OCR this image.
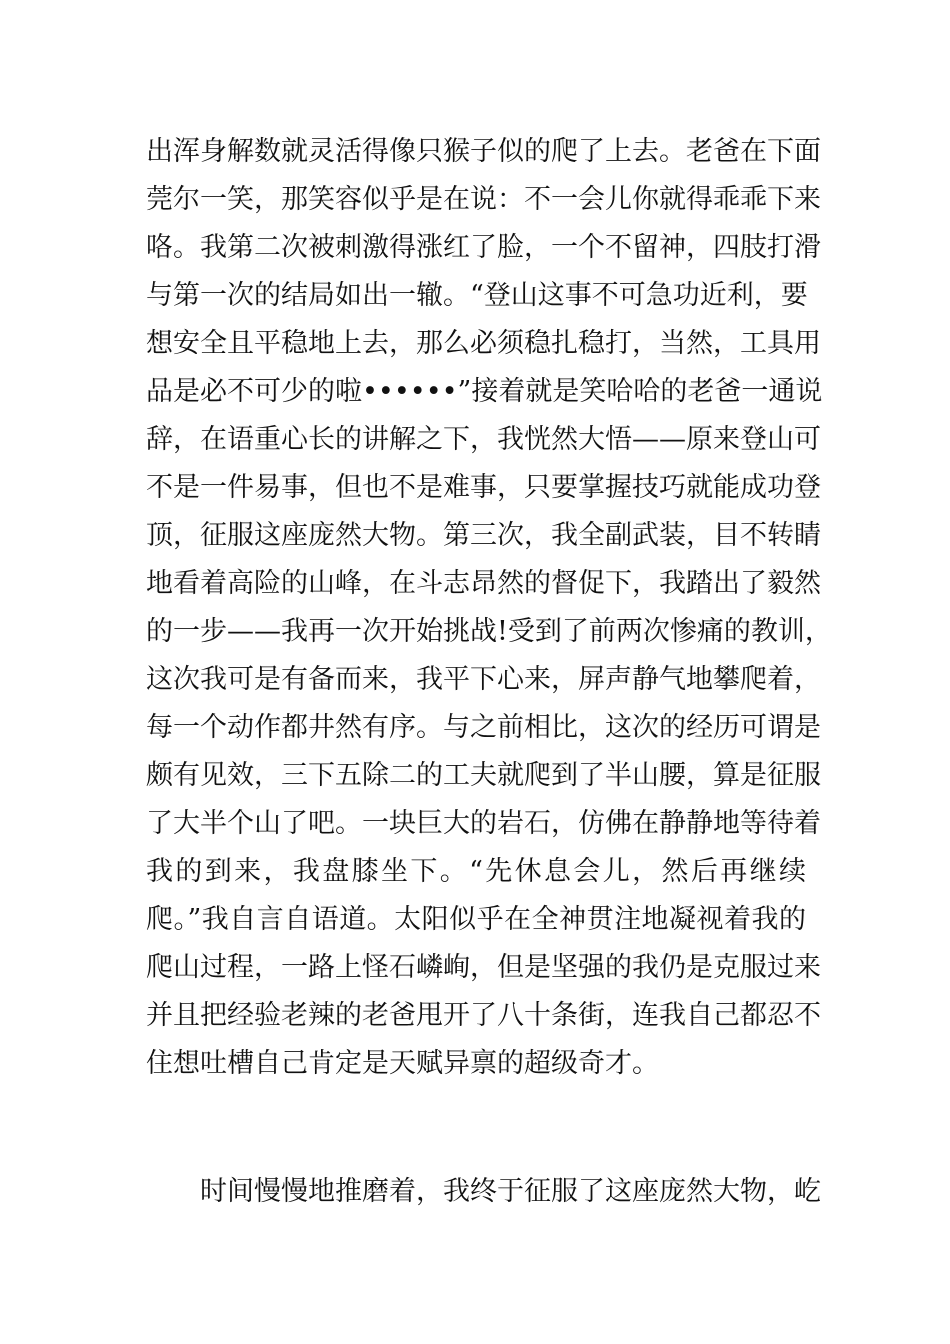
出浑身解数就灵活得像只猴子似的爬了上去。老爸在下面
莞尔一笑，那笑容似乎是在说：不一会儿你就得乖乖下来
咯。我第二次被刺激得涨红了脸，一个不留神，四肢打滑
与第一次的结局如出一辙。“登山这事不可急功近利，要
想安全且平稳地上去，那么必须稳扎稳打，当然，工具用
品是必不可少的啦••••••”接着就是笑哈哈的老爸一通说
辞，在语重心长的讲解之下，我恍然大悟——原来登山可
不是一件易事，但也不是难事，只要掌握技巧就能成功登
顶，征服这座庞然大物。第三次，我全副武装，目不转睛
地看着高险的山峰，在斗志昂然的督促下，我踏出了毅然
的一步——我再一次开始挑战!受到了前两次惨痛的教训，
这次我可是有备而来，我平下心来，屏声静气地攀爬着，
每一个动作都井然有序。与之前相比，这次的经历可谓是
颇有见效，三下五除二的工夫就爬到了半山腰，算是征服
了大半个山了吧。一块巨大的岩石，仿佛在静静地等待着
我的到来，我盘膝坐下。“先休息会儿，然后再继续
爬。”我自言自语道。太阳似乎在全神贯注地凝视着我的
爬山过程，一路上怪石嶙峋，但是坚强的我仍是克服过来
并且把经验老辣的老爸甩开了八十条街，连我自己都忍不
住想吐槽自己肯定是天赋异禀的超级奇才。
时间慢慢地推磨着，我终于征服了这座庞然大物，屹
